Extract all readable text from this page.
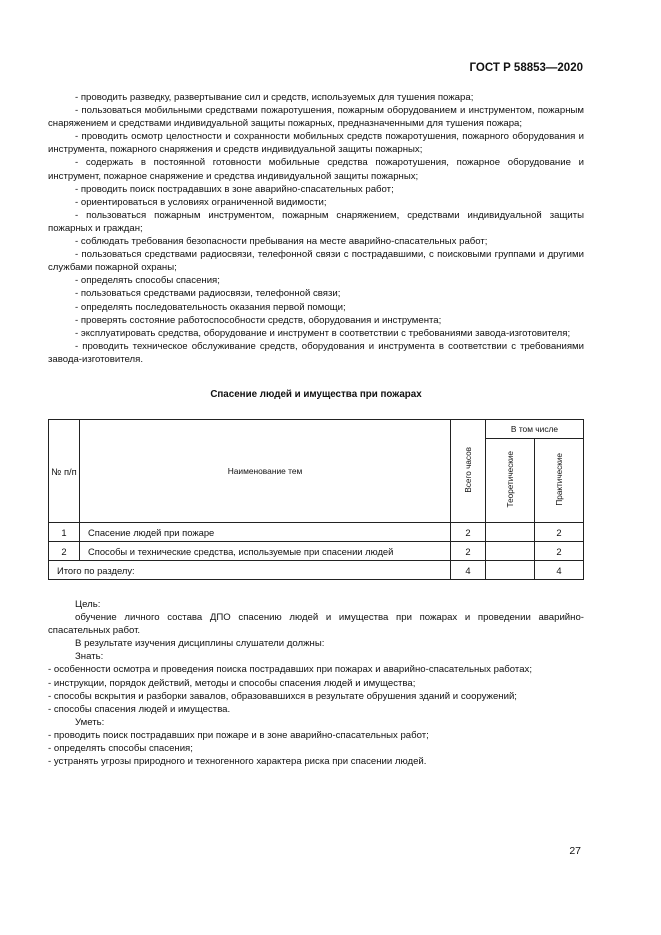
ГОСТ Р 58853—2020
- проводить разведку, развертывание сил и средств, используемых для тушения пожара;
- пользоваться мобильными средствами пожаротушения, пожарным оборудованием и инструментом, пожарным снаряжением и средствами индивидуальной защиты пожарных, предназначенными для тушения пожара;
- проводить осмотр целостности и сохранности мобильных средств пожаротушения, пожарного оборудования и инструмента, пожарного снаряжения и средств индивидуальной защиты пожарных;
- содержать в постоянной готовности мобильные средства пожаротушения, пожарное оборудование и инструмент, пожарное снаряжение и средства индивидуальной защиты пожарных;
- проводить поиск пострадавших в зоне аварийно-спасательных работ;
- ориентироваться в условиях ограниченной видимости;
- пользоваться пожарным инструментом, пожарным снаряжением, средствами индивидуальной защиты пожарных и граждан;
- соблюдать требования безопасности пребывания на месте аварийно-спасательных работ;
- пользоваться средствами радиосвязи, телефонной связи с пострадавшими, с поисковыми группами и другими службами пожарной охраны;
- определять способы спасения;
- пользоваться средствами радиосвязи, телефонной связи;
- определять последовательность оказания первой помощи;
- проверять состояние работоспособности средств, оборудования и инструмента;
- эксплуатировать средства, оборудование и инструмент в соответствии с требованиями завода-изготовителя;
- проводить техническое обслуживание средств, оборудования и инструмента в соответствии с требованиями завода-изготовителя.
Спасение людей и имущества при пожарах
№ п/п	Наименование тем	Всего часов	В том числе	
			Теоретические	Практические
1	Спасение людей при пожаре	2		2
2	Способы и технические средства, используемые при спасении людей	2		2
Итого по разделу:		4		4
Цель:
обучение личного состава ДПО спасению людей и имущества при пожарах и проведении аварийно-спасательных работ.
В результате изучения дисциплины слушатели должны:
Знать:
- особенности осмотра и проведения поиска пострадавших при пожарах и аварийно-спасательных работах;
- инструкции, порядок действий, методы и способы спасения людей и имущества;
- способы вскрытия и разборки завалов, образовавшихся в результате обрушения зданий и сооружений;
- способы спасения людей и имущества.
Уметь:
- проводить поиск пострадавших при пожаре и в зоне аварийно-спасательных работ;
- определять способы спасения;
- устранять угрозы природного и техногенного характера риска при спасении людей.
27
